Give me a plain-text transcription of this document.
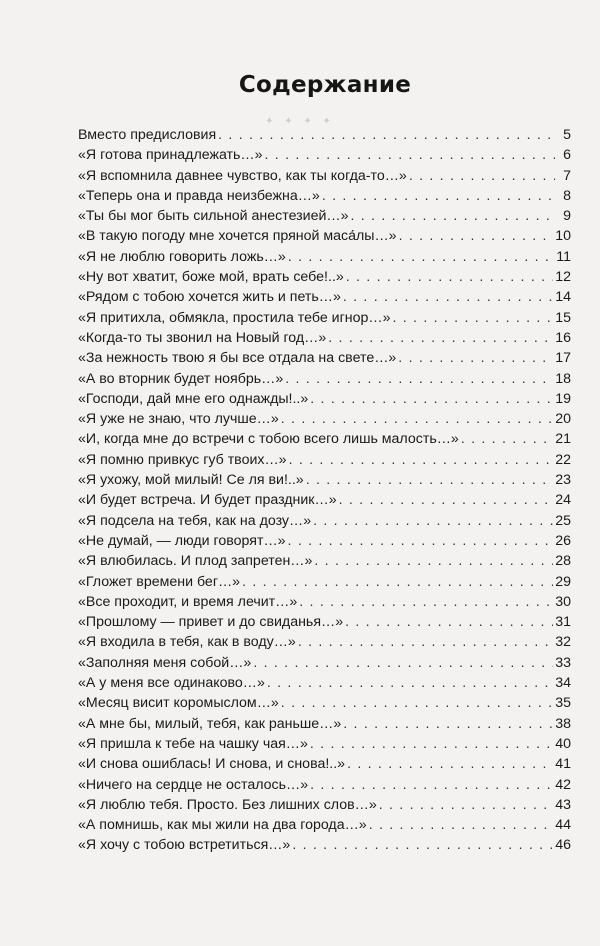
✦ ✦ ✦ ✦
Содержание
Вместо предисловия . . .	5
«Я готова принадлежать…» . . .	6
«Я вспомнила давнее чувство, как ты когда-то…» . . .	7
«Теперь она и правда неизбежна…» . . .	8
«Ты бы мог быть сильной анестезией…» . . .	9
«В такую погоду мне хочется пряной маса́лы…» . . .	10
«Я не люблю говорить ложь…» . . .	11
«Ну вот хватит, боже мой, врать себе!..» . . .	12
«Рядом с тобою хочется жить и петь…» . . .	14
«Я притихла, обмякла, простила тебе игнор…» . . .	15
«Когда-то ты звонил на Новый год…» . . .	16
«За нежность твою я бы все отдала на свете…» . . .	17
«А во вторник будет ноябрь…» . . .	18
«Господи, дай мне его однажды!..» . . .	19
«Я уже не знаю, что лучше…» . . .	20
«И, когда мне до встречи с тобою всего лишь малость…» . . .	21
«Я помню привкус губ твоих…» . . .	22
«Я ухожу, мой милый! Се ля ви!..» . . .	23
«И будет встреча. И будет праздник…» . . .	24
«Я подсела на тебя, как на дозу…» . . .	25
«Не думай, — люди говорят…» . . .	26
«Я влюбилась. И плод запретен…» . . .	28
«Гложет времени бег…» . . .	29
«Все проходит, и время лечит…» . . .	30
«Прошлому — привет и до свиданья…» . . .	31
«Я входила в тебя, как в воду…» . . .	32
«Заполняя меня собой…» . . .	33
«А у меня все одинаково…» . . .	34
«Месяц висит коромыслом…» . . .	35
«А мне бы, милый, тебя, как раньше…» . . .	38
«Я пришла к тебе на чашку чая…» . . .	40
«И снова ошиблась! И снова, и снова!..» . . .	41
«Ничего на сердце не осталось…» . . .	42
«Я люблю тебя. Просто. Без лишних слов…» . . .	43
«А помнишь, как мы жили на два города…» . . .	44
«Я хочу с тобою встретиться…» . . .	46
